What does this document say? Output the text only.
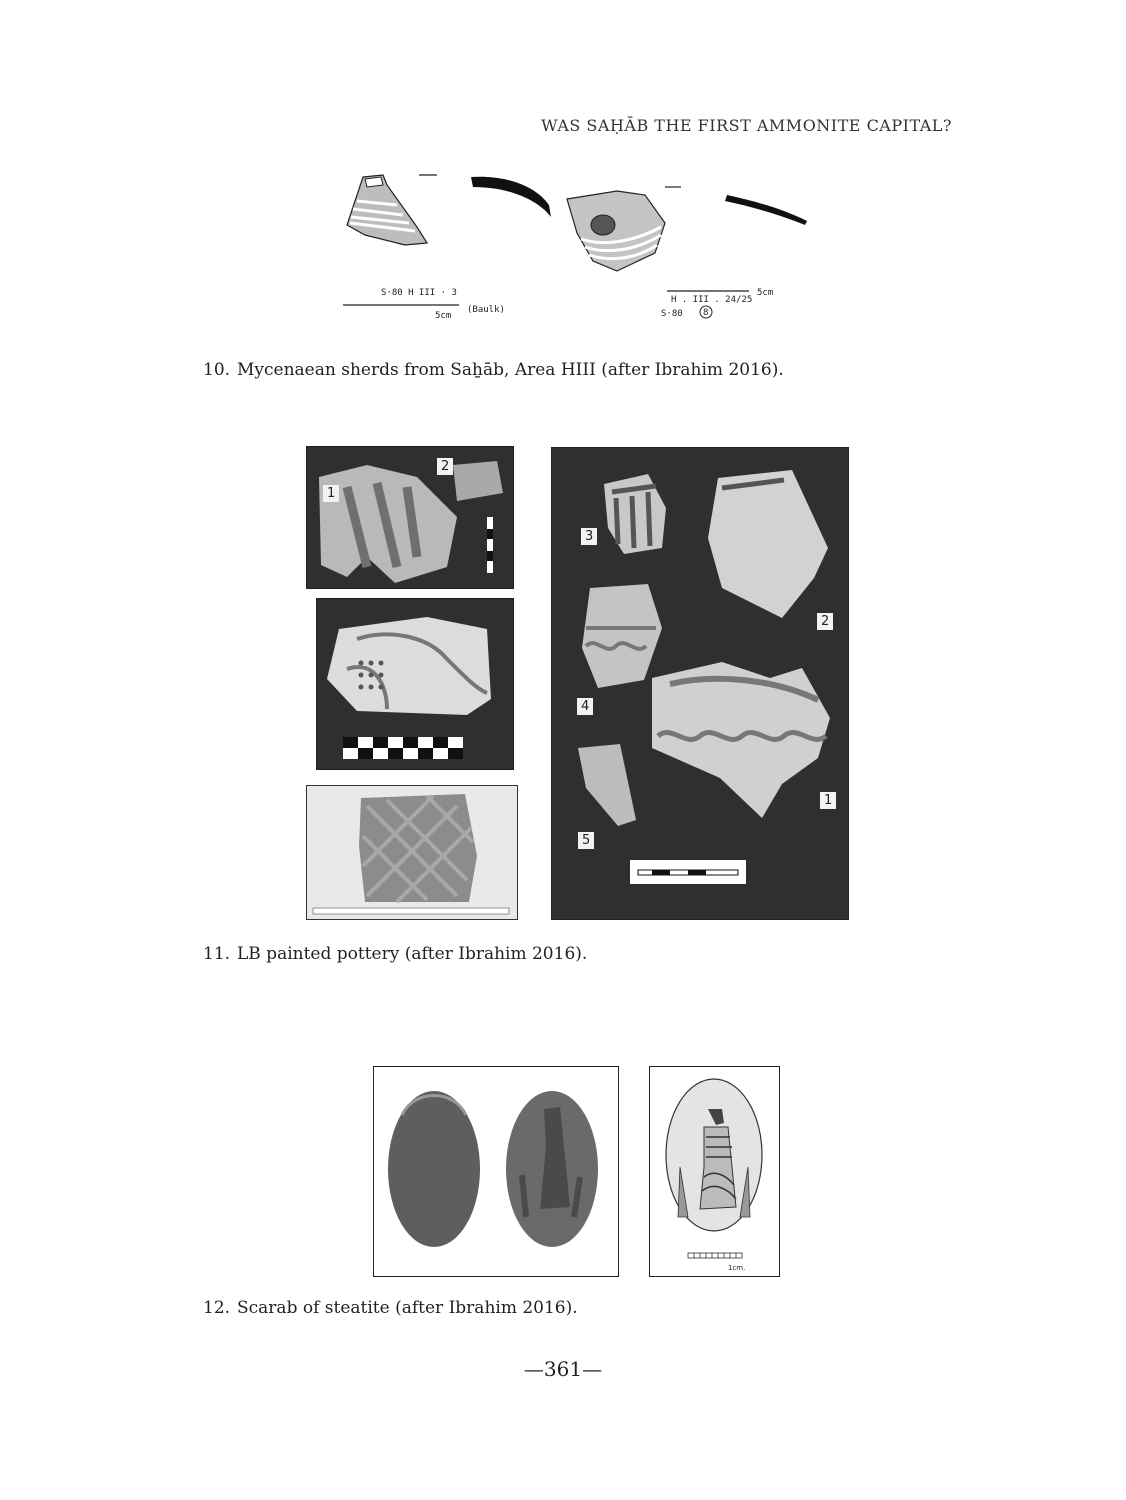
WAS SAḤĀB THE FIRST AMMONITE CAPITAL?
S·80 H III · 3
5cm
(Baulk)
H . III . 24/25
5cm
S·80 8
10. Mycenaean sherds from Saẖāb, Area HIII (after Ibrahim 2016).
1
2
3
2
4
1
5
11. LB painted pottery (after Ibrahim 2016).
1cm.
12. Scarab of steatite (after Ibrahim 2016).
—361—
